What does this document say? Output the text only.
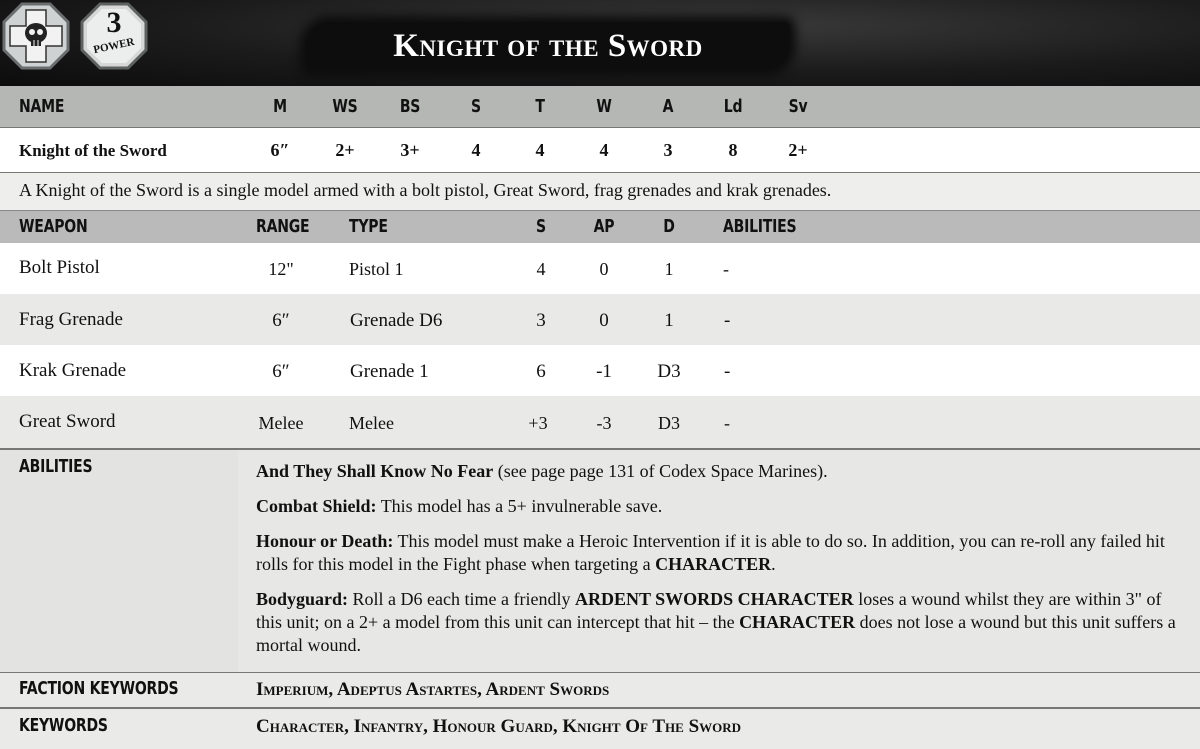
3
POWER	Knight of the Sword
NAME	M	WS	BS	S	T	W	A	Ld	Sv
Knight of the Sword	6″	2+	3+	4	4	4	3	8	2+
A Knight of the Sword is a single model armed with a bolt pistol, Great Sword, frag grenades and krak grenades.
WEAPON	RANGE TYPE	S	AP	D	ABILITIES
Bolt Pistol	12"	Pistol 1	4	0	1	-
Frag Grenade	6″	Grenade D6	3	0	1	-
Krak Grenade	6″	Grenade 1	6	-1	D3	-
Great Sword	Melee	Melee	+3	-3	D3	-
ABILITIES	And They Shall Know No Fear (see page page 131 of Codex Space Marines).

Combat Shield: This model has a 5+ invulnerable save.

Honour or Death: This model must make a Heroic Intervention if it is able to do so. In addition, you can re-roll any failed hit rolls for this model in the Fight phase when targeting a CHARACTER.

Bodyguard: Roll a D6 each time a friendly ARDENT SWORDS CHARACTER loses a wound whilst they are within 3" of this unit; on a 2+ a model from this unit can intercept that hit – the CHARACTER does not lose a wound but this unit suffers a mortal wound.

FACTION KEYWORDS	Imperium, Adeptus Astartes, Ardent Swords
KEYWORDS	Character, Infantry, Honour Guard, Knight Of The Sword
